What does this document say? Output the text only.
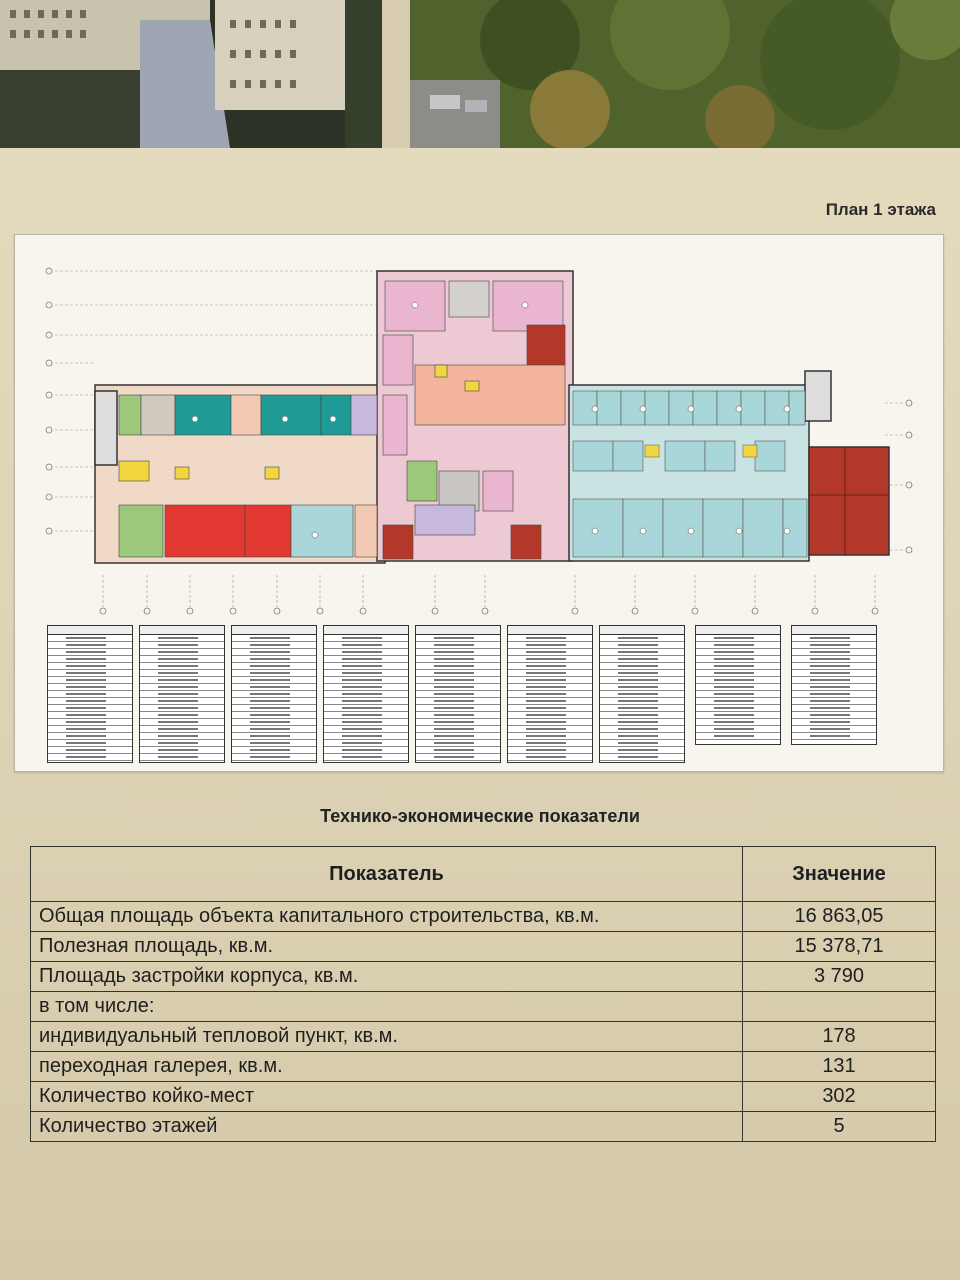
План 1 этажа
Технико-экономические показатели
Показатель	Значение
Общая площадь объекта капитального строительства, кв.м.	16 863,05
Полезная площадь, кв.м.	15 378,71
Площадь застройки корпуса, кв.м.	3 790
в том числе:	
индивидуальный тепловой пункт, кв.м.	178
переходная галерея, кв.м.	131
Количество койко-мест	302
Количество этажей	5
